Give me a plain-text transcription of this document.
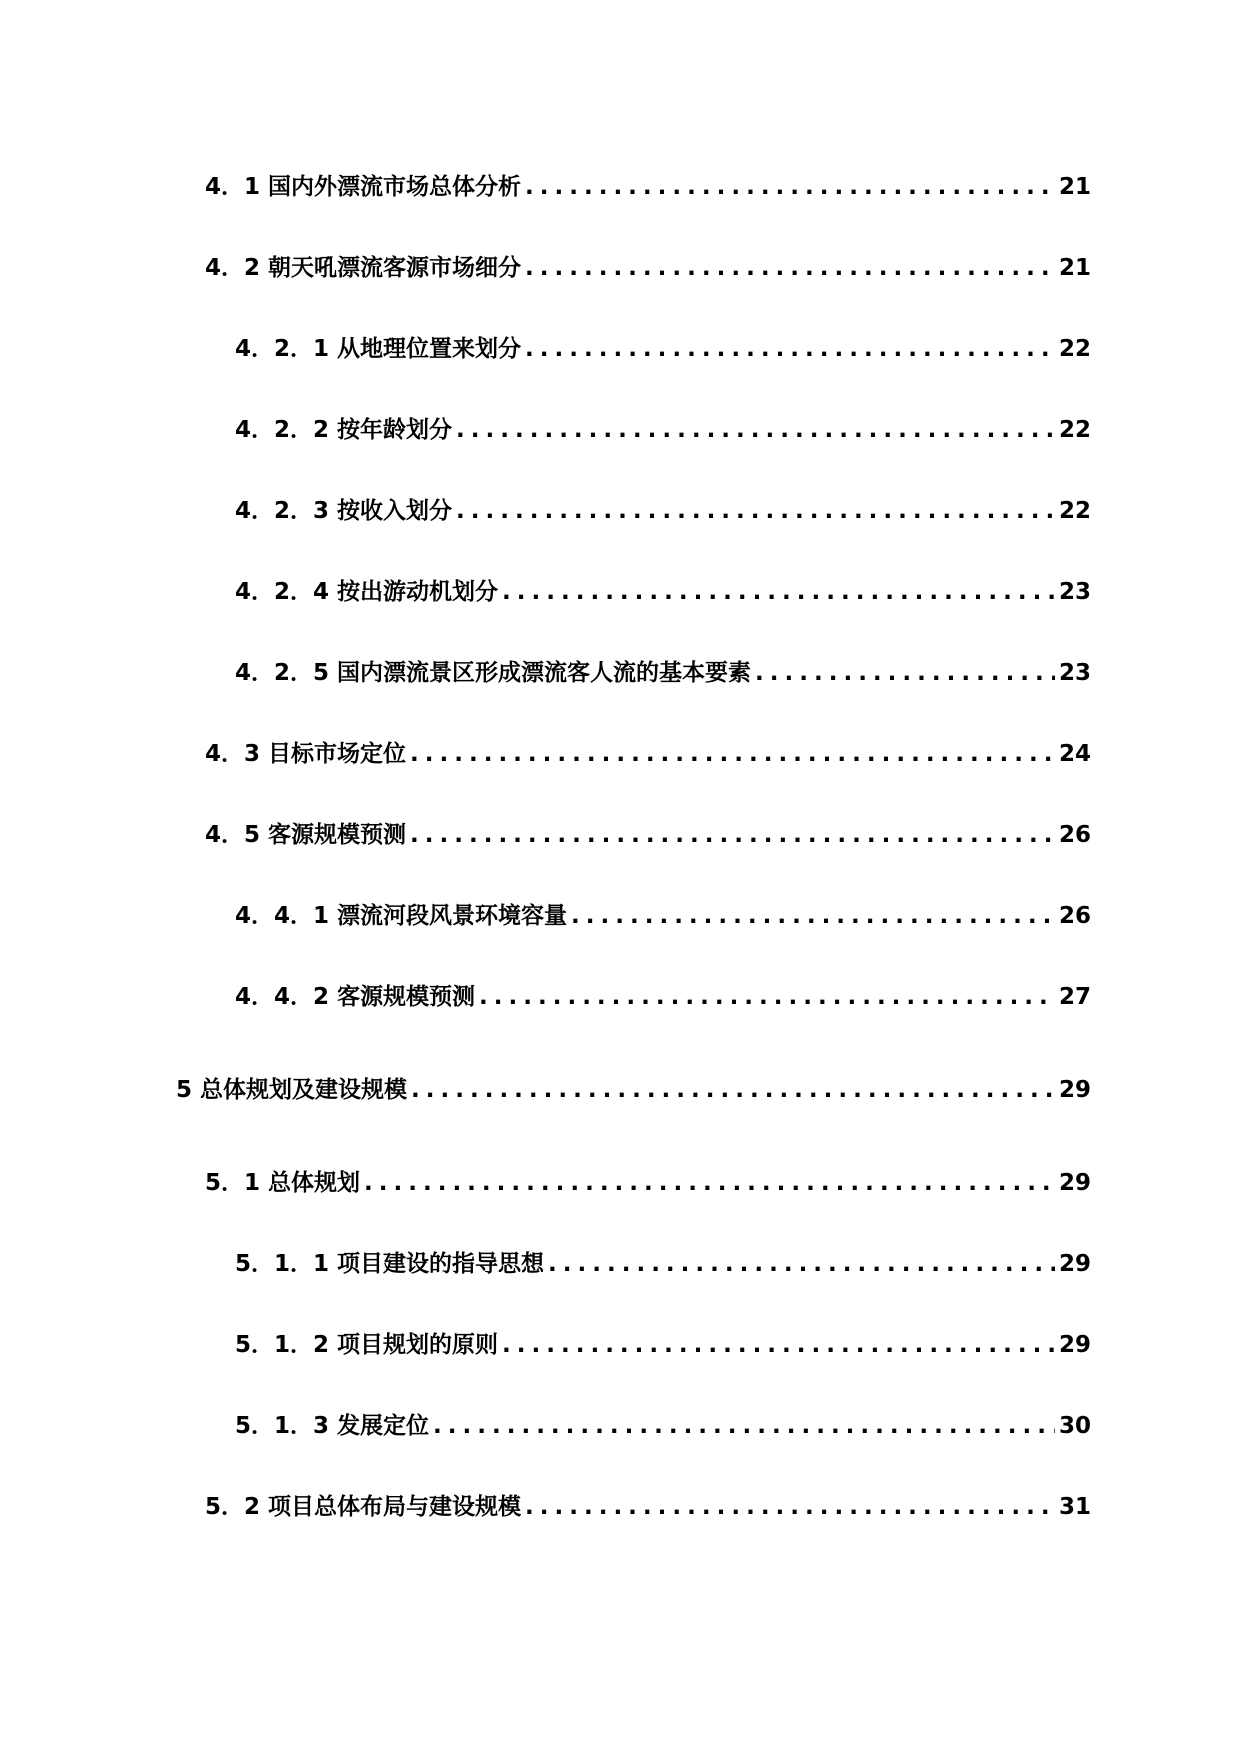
4．1 国内外漂流市场总体分析 .....	21
4．2 朝天吼漂流客源市场细分 .....	21
4．2．1 从地理位置来划分 .....	22
4．2．2 按年龄划分 .....	22
4．2．3 按收入划分 .....	22
4．2．4 按出游动机划分 .....	23
4．2．5 国内漂流景区形成漂流客人流的基本要素 .....	23
4．3 目标市场定位 .....	24
4．5 客源规模预测 .....	26
4．4．1 漂流河段风景环境容量 .....	26
4．4．2 客源规模预测 .....	27
5 总体规划及建设规模 .....	29
5．1 总体规划 .....	29
5．1．1 项目建设的指导思想 .....	29
5．1．2 项目规划的原则 .....	29
5．1．3 发展定位 .....	30
5．2 项目总体布局与建设规模 .....	31
